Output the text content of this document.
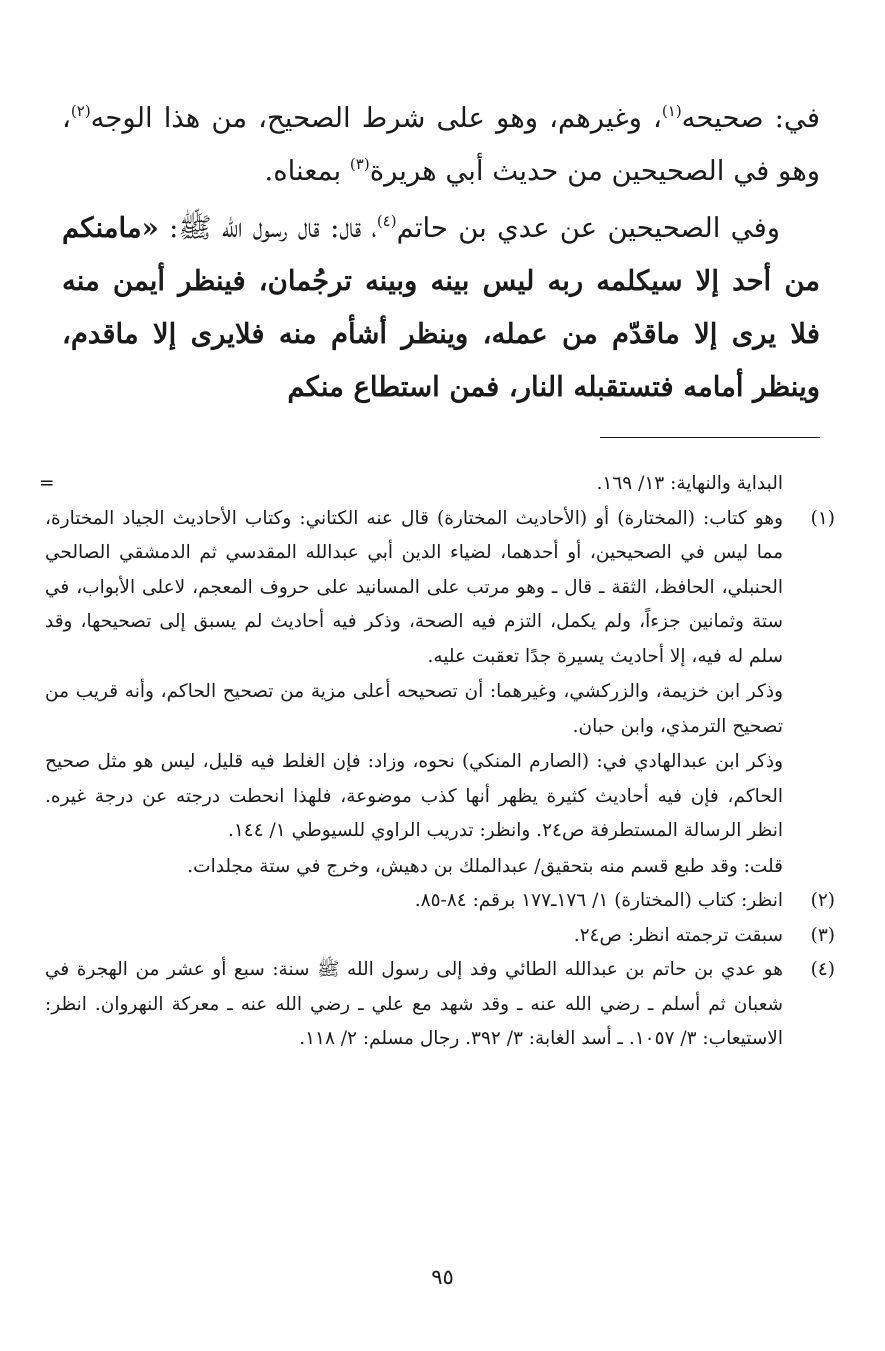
في: صحيحه$^{(١)}$، وغيرهم، وهو على شرط الصحيح، من هذا الوجه$^{(٢)}$، وهو في الصحيحين من حديث أبي هريرة$^{(٣)}$ بمعناه.

وفي الصحيحين عن عدي بن حاتم$^{(٤)}$، قال: قال رسول الله ﷺ: «مامنكم من أحد إلا سيكلمه ربه ليس بينه وبينه ترجُمان، فينظر أيمن منه فلا يرى إلا ماقدّم من عمله، وينظر أشأم منه فلايرى إلا ماقدم، وينظر أمامه فتستقبله النار، فمن استطاع منكم

=	البداية والنهاية: ١٣/ ١٦٩.

(١)

وهو كتاب: (المختارة) أو (الأحاديث المختارة) قال عنه الكتاني: وكتاب الأحاديث الجياد المختارة، مما ليس في الصحيحين، أو أحدهما، لضياء الدين أبي عبدالله المقدسي ثم الدمشقي الصالحي الحنبلي، الحافظ، الثقة ـ قال ـ وهو مرتب على المسانيد على حروف المعجم، لاعلى الأبواب، في ستة وثمانين جزءاً، ولم يكمل، التزم فيه الصحة، وذكر فيه أحاديث لم يسبق إلى تصحيحها، وقد سلم له فيه، إلا أحاديث يسيرة جدًا تعقبت عليه.

وذكر ابن خزيمة، والزركشي، وغيرهما: أن تصحيحه أعلى مزية من تصحيح الحاكم، وأنه قريب من تصحيح الترمذي، وابن حبان.

وذكر ابن عبدالهادي في: (الصارم المنكي) نحوه، وزاد: فإن الغلط فيه قليل، ليس هو مثل صحيح الحاكم، فإن فيه أحاديث كثيرة يظهر أنها كذب موضوعة، فلهذا انحطت درجته عن درجة غيره. انظر الرسالة المستطرفة ص٢٤. وانظر: تدريب الراوي للسيوطي ١/ ١٤٤.

قلت: وقد طبع قسم منه بتحقيق/ عبدالملك بن دهيش، وخرج في ستة مجلدات.

(٢)

انظر: كتاب (المختارة) ١/ ١٧٦ـ١٧٧ برقم: ٨٤-٨٥.

(٣)

سبقت ترجمته انظر: ص٢٤.

(٤)

هو عدي بن حاتم بن عبدالله الطائي وفد إلى رسول الله ﷺ سنة: سبع أو عشر من الهجرة في شعبان ثم أسلم ـ رضي الله عنه ـ وقد شهد مع علي ـ رضي الله عنه ـ معركة النهروان. انظر: الاستيعاب: ٣/ ١٠٥٧. ـ أسد الغابة: ٣/ ٣٩٢. رجال مسلم: ٢/ ١١٨.

٩٥
